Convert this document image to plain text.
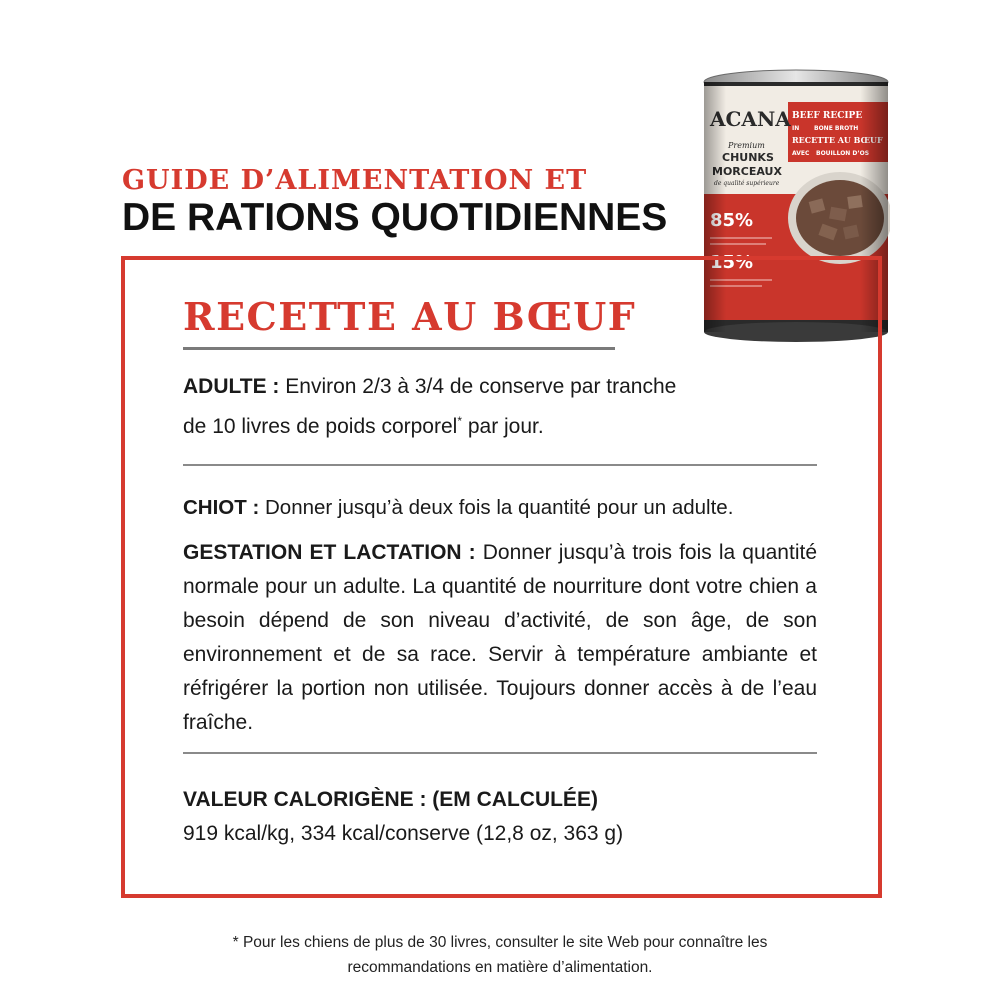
GUIDE D’ALIMENTATION ET
DE RATIONS QUOTIDIENNES
RECETTE AU BŒUF
ADULTE : Environ 2/3 à 3/4 de conserve par tranche de 10 livres de poids corporel* par jour.
CHIOT : Donner jusqu’à deux fois la quantité pour un adulte.
GESTATION ET LACTATION : Donner jusqu’à trois fois la quantité normale pour un adulte. La quantité de nourriture dont votre chien a besoin dépend de son niveau d’activité, de son âge, de son environnement et de sa race. Servir à température ambiante et réfrigérer la portion non utilisée. Toujours donner accès à de l’eau fraîche.
VALEUR CALORIGÈNE : (EM CALCULÉE)
919 kcal/kg, 334 kcal/conserve (12,8 oz, 363 g)
* Pour les chiens de plus de 30 livres, consulter le site Web pour connaître les
recommandations en matière d’alimentation.
